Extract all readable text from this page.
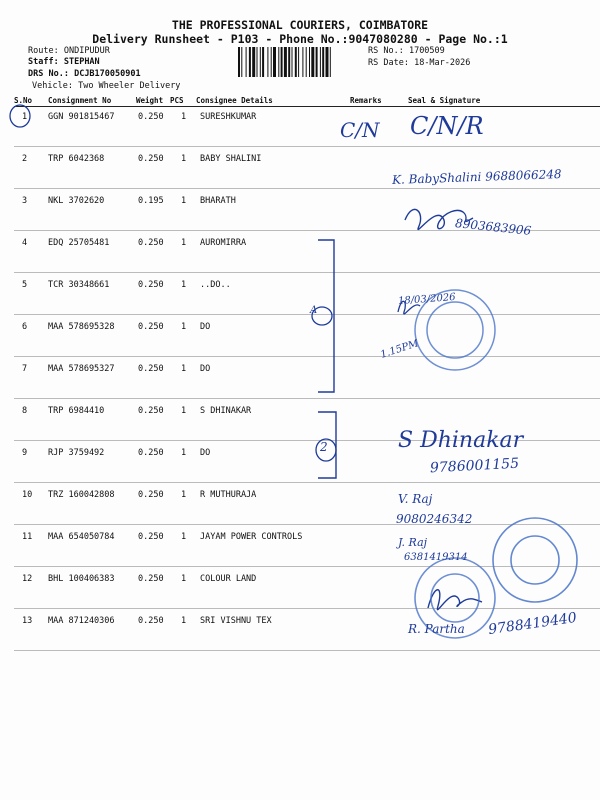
THE PROFESSIONAL COURIERS, COIMBATORE
Delivery Runsheet - P103 - Phone No.:9047080280 - Page No.:1
Route: ONDIPUDUR
Staff: STEPHAN
DRS No.: DCJB170050901
Vehicle: Two Wheeler Delivery
RS No.: 1700509
RS Date: 18-Mar-2026
S.No Consignment No	Weight PCS Consignee Details	Remarks	Seal & Signature
1 GGN 901815467	0.250 1 SURESHKUMAR
2 TRP 6042368	0.250 1 BABY SHALINI
3 NKL 3702620	0.195 1 BHARATH
4 EDQ 25705481	0.250 1 AUROMIRRA
5 TCR 30348661	0.250 1 ..DO..
6 MAA 578695328	0.250 1 DO
7 MAA 578695327	0.250 1 DO
8 TRP 6984410	0.250 1 S DHINAKAR
9 RJP 3759492	0.250 1 DO
10 TRZ 160042808	0.250 1 R MUTHURAJA
11 MAA 654050784	0.250 1 JAYAM POWER CONTROLS
12 BHL 100406383	0.250 1 COLOUR LAND
13 MAA 871240306	0.250 1 SRI VISHNU TEX
C/N C/N/R
K. BabyShalini 9688066248
8903683906
18/03/2026
1.15PM
A
2	S Dhinakar
9786001155
V. Raj
9080246342
J. Raj
6381419314
R. Partha 9788419440
